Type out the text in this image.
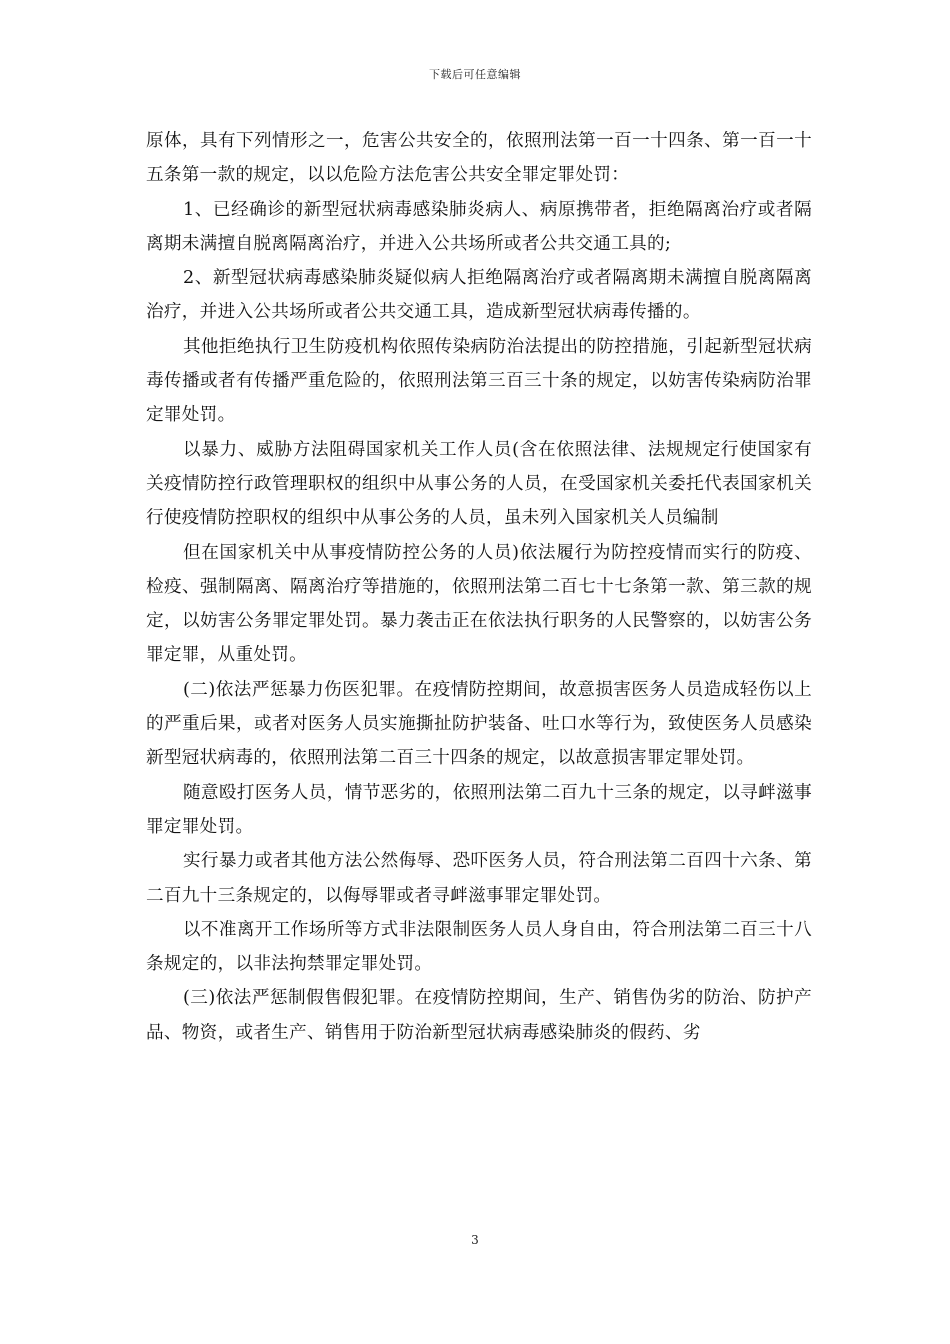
下载后可任意编辑

原体，具有下列情形之一，危害公共安全的，依照刑法第一百一十四条、第一百一十五条第一款的规定，以以危险方法危害公共安全罪定罪处罚：

1、已经确诊的新型冠状病毒感染肺炎病人、病原携带者，拒绝隔离治疗或者隔离期未满擅自脱离隔离治疗，并进入公共场所或者公共交通工具的;

2、新型冠状病毒感染肺炎疑似病人拒绝隔离治疗或者隔离期未满擅自脱离隔离治疗，并进入公共场所或者公共交通工具，造成新型冠状病毒传播的。

其他拒绝执行卫生防疫机构依照传染病防治法提出的防控措施，引起新型冠状病毒传播或者有传播严重危险的，依照刑法第三百三十条的规定，以妨害传染病防治罪定罪处罚。

以暴力、威胁方法阻碍国家机关工作人员(含在依照法律、法规规定行使国家有关疫情防控行政管理职权的组织中从事公务的人员，在受国家机关委托代表国家机关行使疫情防控职权的组织中从事公务的人员，虽未列入国家机关人员编制

但在国家机关中从事疫情防控公务的人员)依法履行为防控疫情而实行的防疫、检疫、强制隔离、隔离治疗等措施的，依照刑法第二百七十七条第一款、第三款的规定，以妨害公务罪定罪处罚。暴力袭击正在依法执行职务的人民警察的，以妨害公务罪定罪，从重处罚。

(二)依法严惩暴力伤医犯罪。在疫情防控期间，故意损害医务人员造成轻伤以上的严重后果，或者对医务人员实施撕扯防护装备、吐口水等行为，致使医务人员感染新型冠状病毒的，依照刑法第二百三十四条的规定，以故意损害罪定罪处罚。

随意殴打医务人员，情节恶劣的，依照刑法第二百九十三条的规定，以寻衅滋事罪定罪处罚。

实行暴力或者其他方法公然侮辱、恐吓医务人员，符合刑法第二百四十六条、第二百九十三条规定的，以侮辱罪或者寻衅滋事罪定罪处罚。

以不准离开工作场所等方式非法限制医务人员人身自由，符合刑法第二百三十八条规定的，以非法拘禁罪定罪处罚。

(三)依法严惩制假售假犯罪。在疫情防控期间，生产、销售伪劣的防治、防护产品、物资，或者生产、销售用于防治新型冠状病毒感染肺炎的假药、劣

3
